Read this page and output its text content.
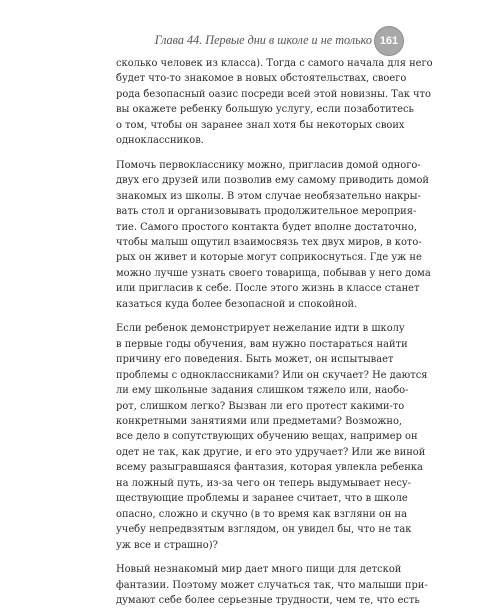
Глава 44. Первые дни в школе и не только 161

сколько человек из класса). Тогда с самого начала для него
будет что-то знакомое в новых обстоятельствах, своего
рода безопасный оазис посреди всей этой новизны. Так что
вы окажете ребенку большую услугу, если позаботитесь
о том, чтобы он заранее знал хотя бы некоторых своих
одноклассников.

Помочь первокласснику можно, пригласив домой одного-
двух его друзей или позволив ему самому приводить домой
знакомых из школы. В этом случае необязательно накры-
вать стол и организовывать продолжительное мероприя-
тие. Самого простого контакта будет вполне достаточно,
чтобы малыш ощутил взаимосвязь тех двух миров, в кото-
рых он живет и которые могут соприкоснуться. Где уж не
можно лучше узнать своего товарища, побывав у него дома
или пригласив к себе. После этого жизнь в классе станет
казаться куда более безопасной и спокойной.

Если ребенок демонстрирует нежелание идти в школу
в первые годы обучения, вам нужно постараться найти
причину его поведения. Быть может, он испытывает
проблемы с одноклассниками? Или он скучает? Не даются
ли ему школьные задания слишком тяжело или, наобо-
рот, слишком легко? Вызван ли его протест какими-то
конкретными занятиями или предметами? Возможно,
все дело в сопутствующих обучению вещах, например он
одет не так, как другие, и его это удручает? Или же виной
всему разыгравшаяся фантазия, которая увлекла ребенка
на ложный путь, из-за чего он теперь выдумывает несу-
ществующие проблемы и заранее считает, что в школе
опасно, сложно и скучно (в то время как взгляни он на
учебу непредвзятым взглядом, он увидел бы, что не так
уж все и страшно)?

Новый незнакомый мир дает много пищи для детской
фантазии. Поэтому может случаться так, что малыши при-
думают себе более серьезные трудности, чем те, что есть
